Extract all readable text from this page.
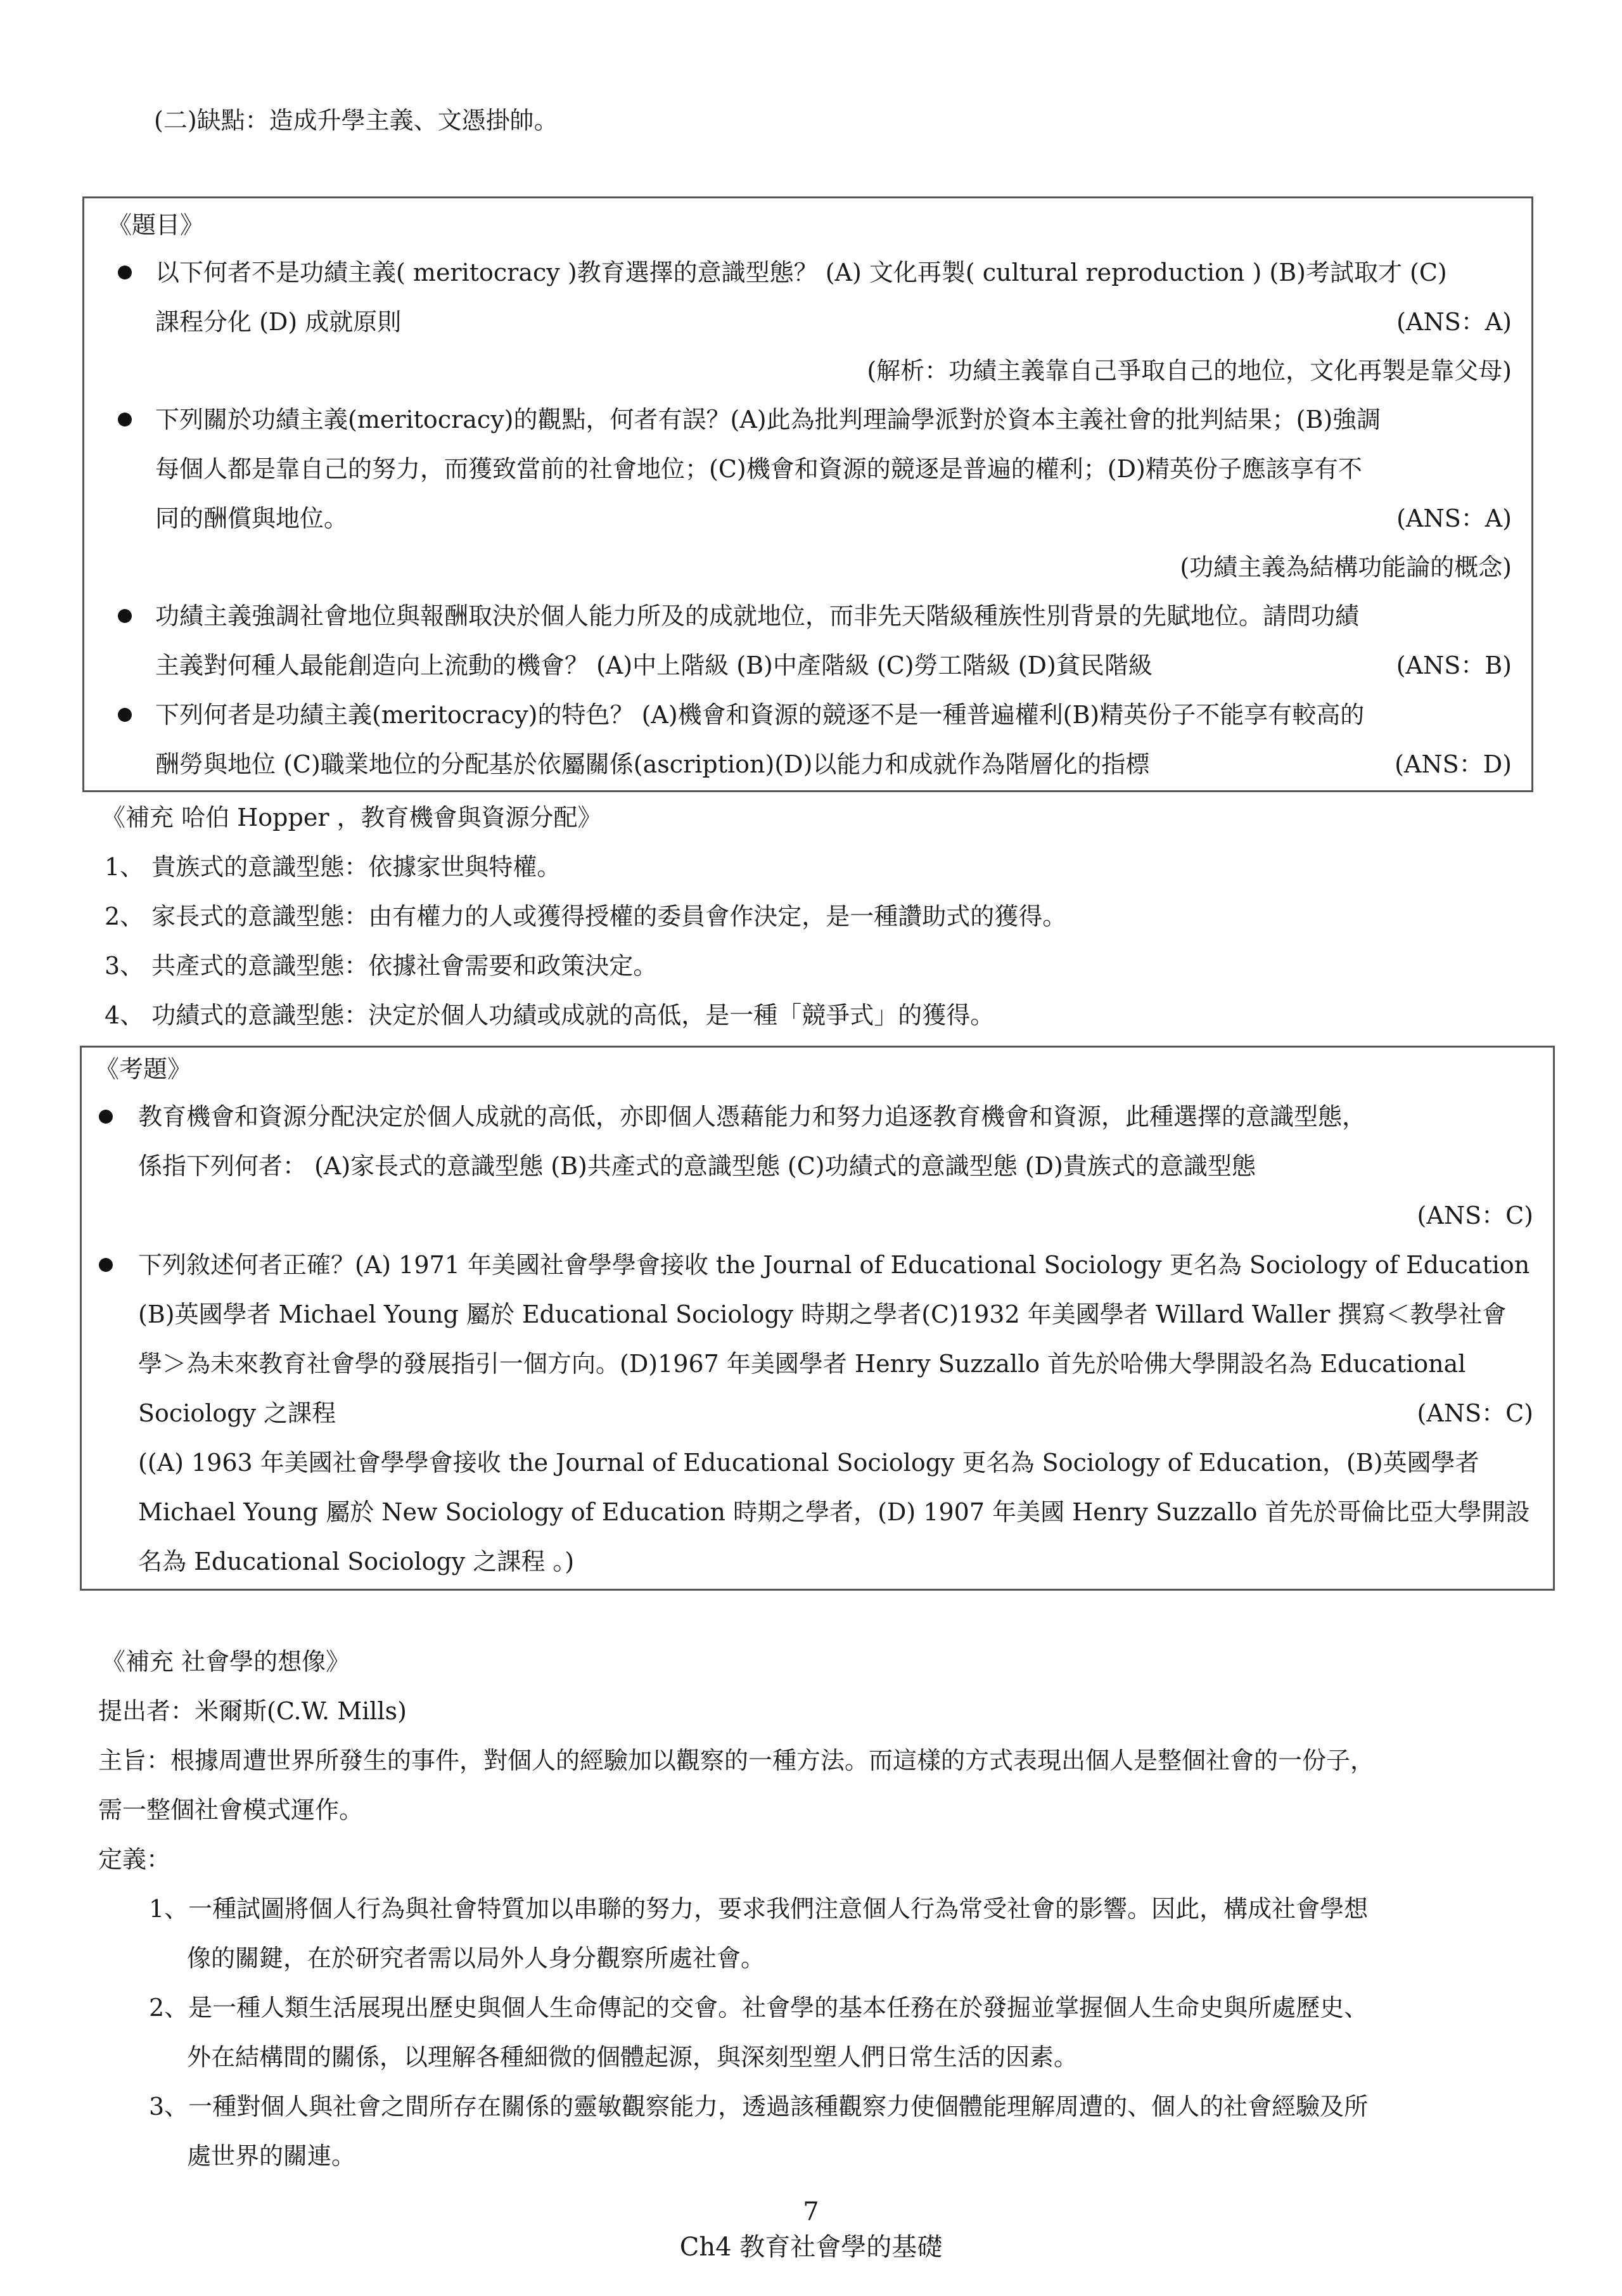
(二)缺點：造成升學主義、文憑掛帥。
《題目》
以下何者不是功績主義( meritocracy )教育選擇的意識型態？ (A) 文化再製( cultural reproduction ) (B)考試取才 (C)
課程分化 (D) 成就原則	(ANS：A)
(解析：功績主義靠自己爭取自己的地位，文化再製是靠父母)
下列關於功績主義(meritocracy)的觀點，何者有誤？(A)此為批判理論學派對於資本主義社會的批判結果；(B)強調
每個人都是靠自己的努力，而獲致當前的社會地位；(C)機會和資源的競逐是普遍的權利；(D)精英份子應該享有不
同的酬償與地位。	(ANS：A)
(功績主義為結構功能論的概念)
功績主義強調社會地位與報酬取決於個人能力所及的成就地位，而非先天階級種族性別背景的先賦地位。請問功績
主義對何種人最能創造向上流動的機會？ (A)中上階級 (B)中產階級 (C)勞工階級 (D)貧民階級	(ANS：B)
下列何者是功績主義(meritocracy)的特色？ (A)機會和資源的競逐不是一種普遍權利(B)精英份子不能享有較高的
酬勞與地位 (C)職業地位的分配基於依屬關係(ascription)(D)以能力和成就作為階層化的指標	(ANS：D)
《補充 哈伯 Hopper ，教育機會與資源分配》
1、 貴族式的意識型態：依據家世與特權。
2、 家長式的意識型態：由有權力的人或獲得授權的委員會作決定，是一種讚助式的獲得。
3、 共產式的意識型態：依據社會需要和政策決定。
4、 功績式的意識型態：決定於個人功績或成就的高低，是一種「競爭式」的獲得。
《考題》
教育機會和資源分配決定於個人成就的高低，亦即個人憑藉能力和努力追逐教育機會和資源，此種選擇的意識型態，
係指下列何者： (A)家長式的意識型態 (B)共產式的意識型態 (C)功績式的意識型態 (D)貴族式的意識型態
(ANS：C)
下列敘述何者正確？(A) 1971 年美國社會學學會接收 the Journal of Educational Sociology 更名為 Sociology of Education
(B)英國學者 Michael Young 屬於 Educational Sociology 時期之學者(C)1932 年美國學者 Willard Waller 撰寫＜教學社會
學＞為未來教育社會學的發展指引一個方向。(D)1967 年美國學者 Henry Suzzallo 首先於哈佛大學開設名為 Educational
Sociology 之課程	(ANS：C)
((A) 1963 年美國社會學學會接收 the Journal of Educational Sociology 更名為 Sociology of Education，(B)英國學者
Michael Young 屬於 New Sociology of Education 時期之學者，(D) 1907 年美國 Henry Suzzallo 首先於哥倫比亞大學開設
名為 Educational Sociology 之課程 。)
《補充 社會學的想像》
提出者：米爾斯(C.W. Mills)
主旨：根據周遭世界所發生的事件，對個人的經驗加以觀察的一種方法。而這樣的方式表現出個人是整個社會的一份子，
需一整個社會模式運作。
定義：
1、一種試圖將個人行為與社會特質加以串聯的努力，要求我們注意個人行為常受社會的影響。因此，構成社會學想
像的關鍵，在於研究者需以局外人身分觀察所處社會。
2、是一種人類生活展現出歷史與個人生命傳記的交會。社會學的基本任務在於發掘並掌握個人生命史與所處歷史、
外在結構間的關係，以理解各種細微的個體起源，與深刻型塑人們日常生活的因素。
3、一種對個人與社會之間所存在關係的靈敏觀察能力，透過該種觀察力使個體能理解周遭的、個人的社會經驗及所
處世界的關連。
7
Ch4 教育社會學的基礎
